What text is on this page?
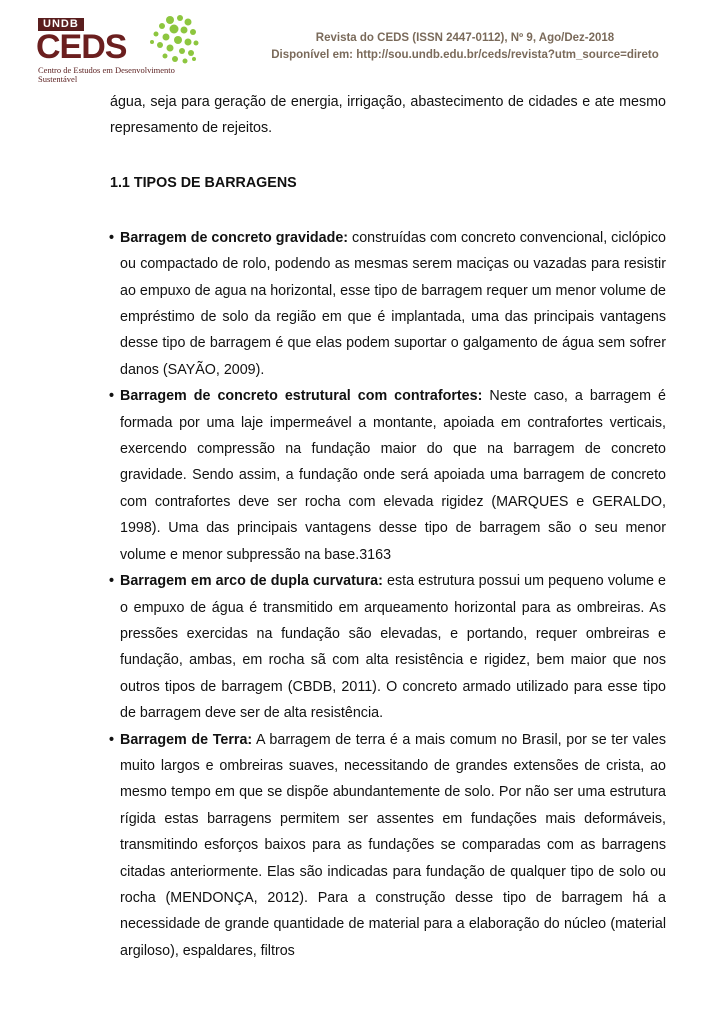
UNDB
CEDS
Centro de Estudos em Desenvolvimento Sustentável
Revista do CEDS (ISSN 2447-0112), Nº 9, Ago/Dez-2018
Disponível em: http://sou.undb.edu.br/ceds/revista?utm_source=direto

água, seja para geração de energia, irrigação, abastecimento de cidades e ate mesmo represamento de rejeitos.

1.1 TIPOS DE BARRAGENS
• Barragem de concreto gravidade: construídas com concreto convencional, ciclópico ou compactado de rolo, podendo as mesmas serem maciças ou vazadas para resistir ao empuxo de agua na horizontal, esse tipo de barragem requer um menor volume de empréstimo de solo da região em que é implantada, uma das principais vantagens desse tipo de barragem é que elas podem suportar o galgamento de água sem sofrer danos (SAYÃO, 2009).
• Barragem de concreto estrutural com contrafortes: Neste caso, a barragem é formada por uma laje impermeável a montante, apoiada em contrafortes verticais, exercendo compressão na fundação maior do que na barragem de concreto gravidade. Sendo assim, a fundação onde será apoiada uma barragem de concreto com contrafortes deve ser rocha com elevada rigidez (MARQUES e GERALDO, 1998). Uma das principais vantagens desse tipo de barragem são o seu menor volume e menor subpressão na base.3163
• Barragem em arco de dupla curvatura: esta estrutura possui um pequeno volume e o empuxo de água é transmitido em arqueamento horizontal para as ombreiras. As pressões exercidas na fundação são elevadas, e portando, requer ombreiras e fundação, ambas, em rocha sã com alta resistência e rigidez, bem maior que nos outros tipos de barragem (CBDB, 2011). O concreto armado utilizado para esse tipo de barragem deve ser de alta resistência.
• Barragem de Terra: A barragem de terra é a mais comum no Brasil, por se ter vales muito largos e ombreiras suaves, necessitando de grandes extensões de crista, ao mesmo tempo em que se dispõe abundantemente de solo. Por não ser uma estrutura rígida estas barragens permitem ser assentes em fundações mais deformáveis, transmitindo esforços baixos para as fundações se comparadas com as barragens citadas anteriormente. Elas são indicadas para fundação de qualquer tipo de solo ou rocha (MENDONÇA, 2012). Para a construção desse tipo de barragem há a necessidade de grande quantidade de material para a elaboração do núcleo (material argiloso), espaldares, filtros
